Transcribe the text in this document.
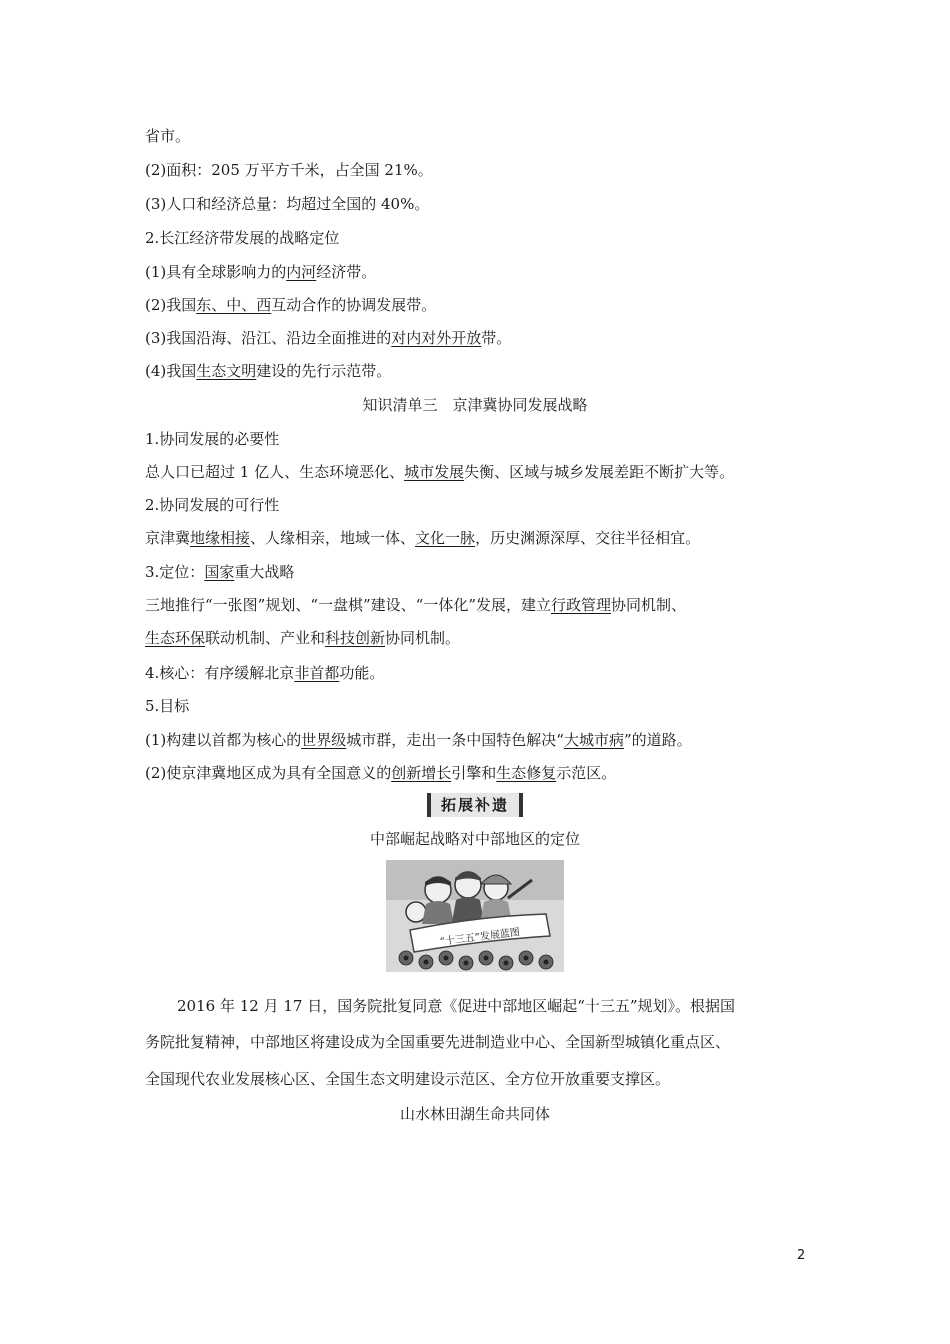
省市。
(2)面积：205 万平方千米，占全国 21%。
(3)人口和经济总量：均超过全国的 40%。
2.长江经济带发展的战略定位
(1)具有全球影响力的内河经济带。
(2)我国东、中、西互动合作的协调发展带。
(3)我国沿海、沿江、沿边全面推进的对内对外开放带。
(4)我国生态文明建设的先行示范带。
知识清单三　京津冀协同发展战略
1.协同发展的必要性
总人口已超过 1 亿人、生态环境恶化、城市发展失衡、区域与城乡发展差距不断扩大等。
2.协同发展的可行性
京津冀地缘相接、人缘相亲，地域一体、文化一脉，历史渊源深厚、交往半径相宜。
3.定位：国家重大战略
三地推行“一张图”规划、“一盘棋”建设、“一体化”发展，建立行政管理协同机制、
生态环保联动机制、产业和科技创新协同机制。
4.核心：有序缓解北京非首都功能。
5.目标
(1)构建以首都为核心的世界级城市群，走出一条中国特色解决“大城市病”的道路。
(2)使京津冀地区成为具有全国意义的创新增长引擎和生态修复示范区。
拓展补遗
中部崛起战略对中部地区的定位
“十三五”发展蓝图
2016 年 12 月 17 日，国务院批复同意《促进中部地区崛起“十三五”规划》。根据国
务院批复精神，中部地区将建设成为全国重要先进制造业中心、全国新型城镇化重点区、
全国现代农业发展核心区、全国生态文明建设示范区、全方位开放重要支撑区。
山水林田湖生命共同体
2
